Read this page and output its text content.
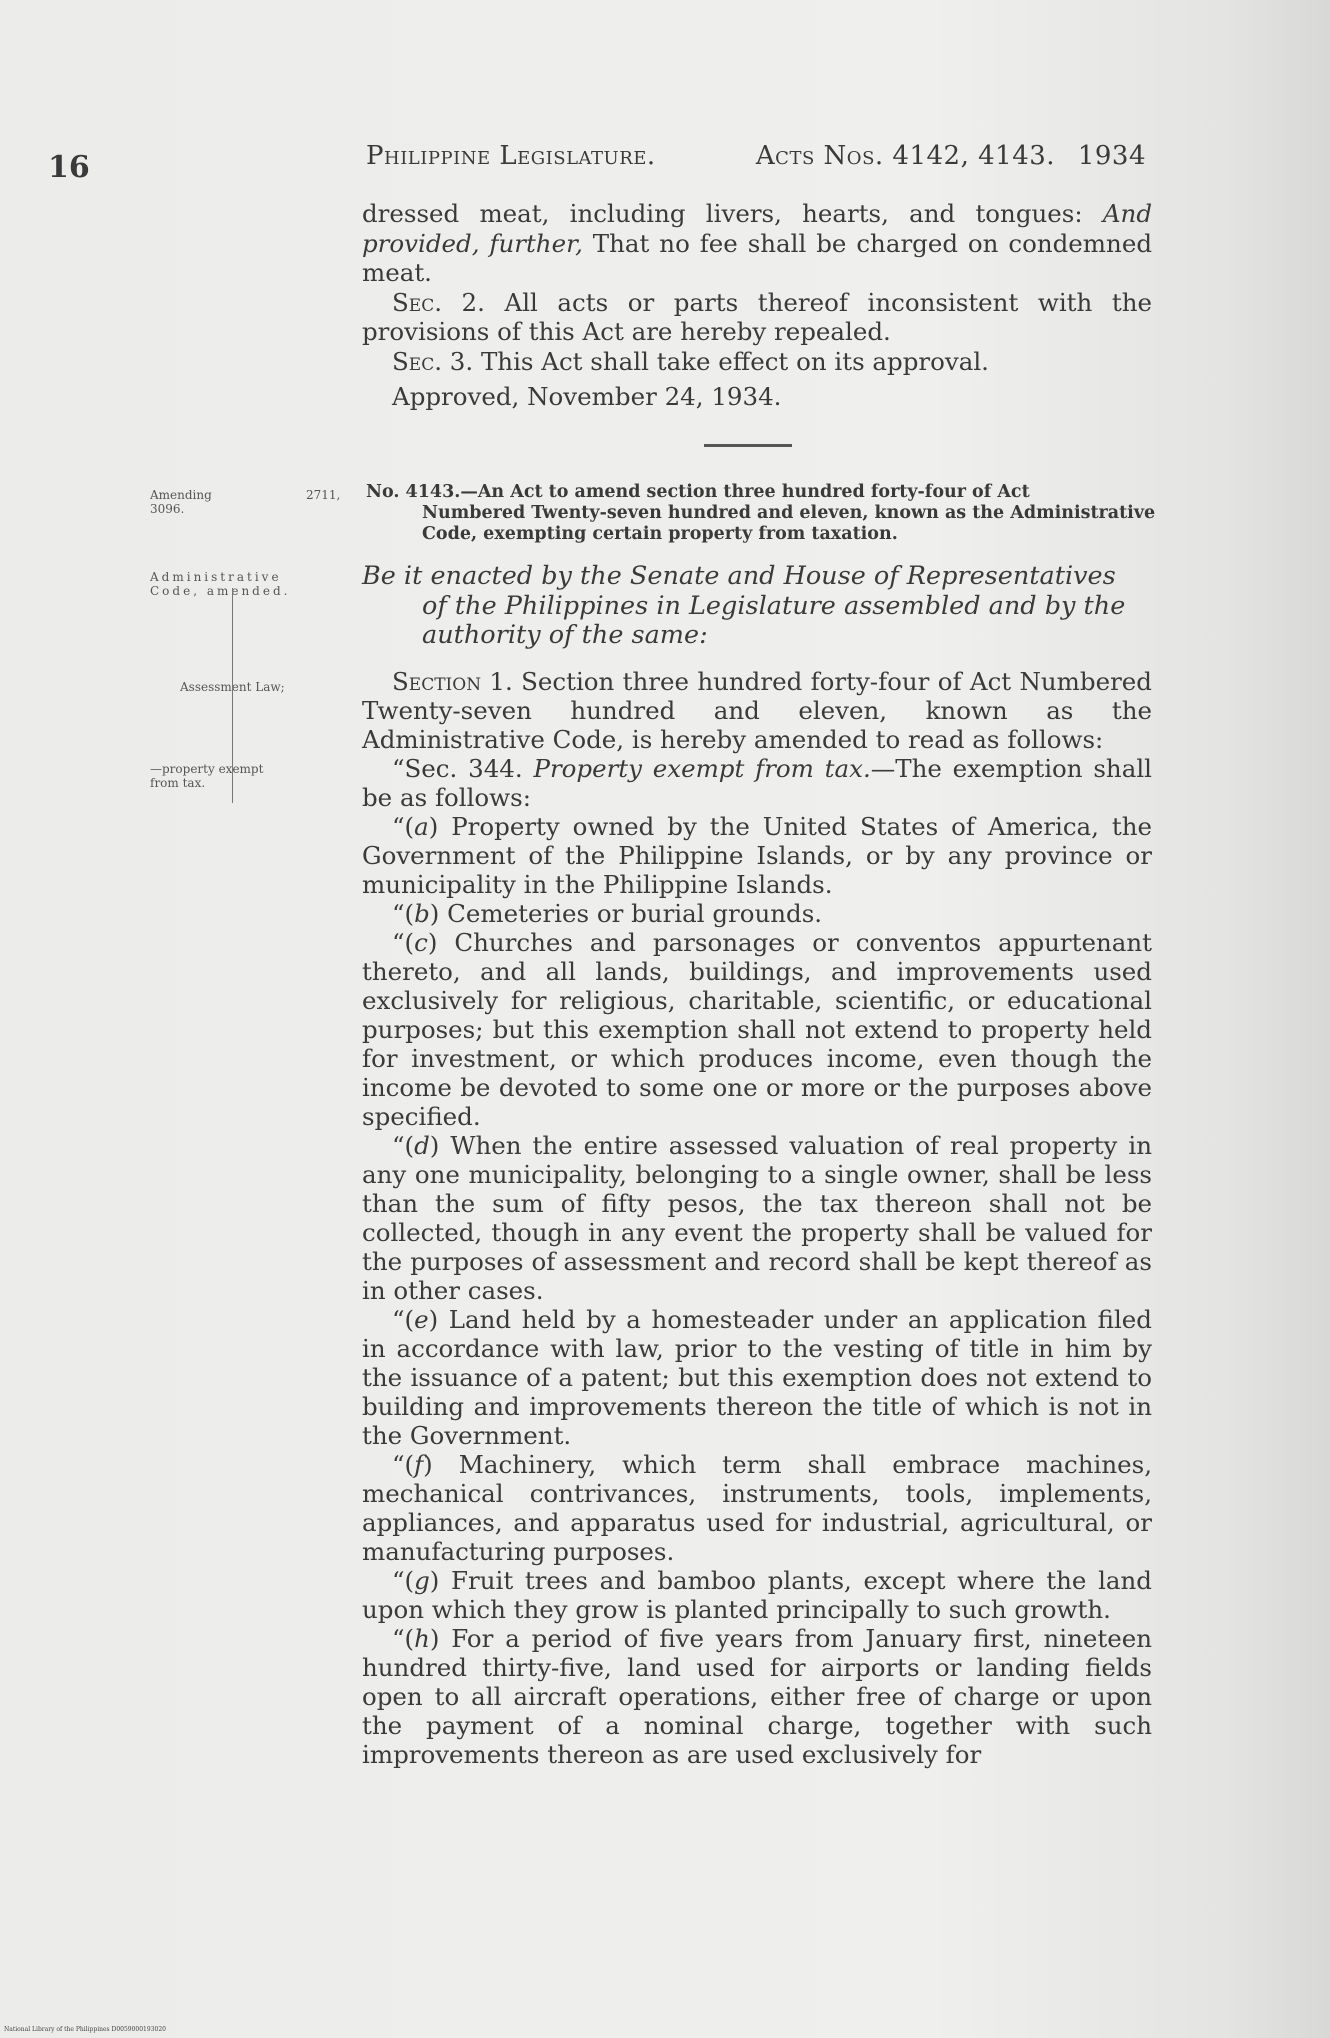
16	Philippine Legislature.	Acts Nos. 4142, 4143. 1934

dressed meat, including livers, hearts, and tongues: And provided, further, That no fee shall be charged on condemned meat.

Sec. 2. All acts or parts thereof inconsistent with the provisions of this Act are hereby repealed.

Sec. 3. This Act shall take effect on its approval.

Approved, November 24, 1934.

Amending
3096.
2711,
Administrative
Code, amended.
Assessment Law;
—property exempt
from tax.
No. 4143.—An Act to amend section three hundred forty-four of Act
Numbered Twenty-seven hundred and eleven, known as the Administrative Code, exempting certain property from taxation.
Be it enacted by the Senate and House of Representatives
of the Philippines in Legislature assembled and by the authority of the same:

Section 1. Section three hundred forty-four of Act Numbered Twenty-seven hundred and eleven, known as the Administrative Code, is hereby amended to read as follows:

“Sec. 344. Property exempt from tax.—The exemption shall be as follows:

“(a) Property owned by the United States of America, the Government of the Philippine Islands, or by any province or municipality in the Philippine Islands.

“(b) Cemeteries or burial grounds.

“(c) Churches and parsonages or conventos appurtenant thereto, and all lands, buildings, and improvements used exclusively for religious, charitable, scientific, or educational purposes; but this exemption shall not extend to property held for investment, or which produces income, even though the income be devoted to some one or more or the purposes above specified.

“(d) When the entire assessed valuation of real property in any one municipality, belonging to a single owner, shall be less than the sum of fifty pesos, the tax thereon shall not be collected, though in any event the property shall be valued for the purposes of assessment and record shall be kept thereof as in other cases.

“(e) Land held by a homesteader under an application filed in accordance with law, prior to the vesting of title in him by the issuance of a patent; but this exemption does not extend to building and improvements thereon the title of which is not in the Government.

“(f) Machinery, which term shall embrace machines, mechanical contrivances, instruments, tools, implements, appliances, and apparatus used for industrial, agricultural, or manufacturing purposes.

“(g) Fruit trees and bamboo plants, except where the land upon which they grow is planted principally to such growth.

“(h) For a period of five years from January first, nineteen hundred thirty-five, land used for airports or landing fields open to all aircraft operations, either free of charge or upon the payment of a nominal charge, together with such improvements thereon as are used exclusively for

National Library of the Philippines D0059000193020
